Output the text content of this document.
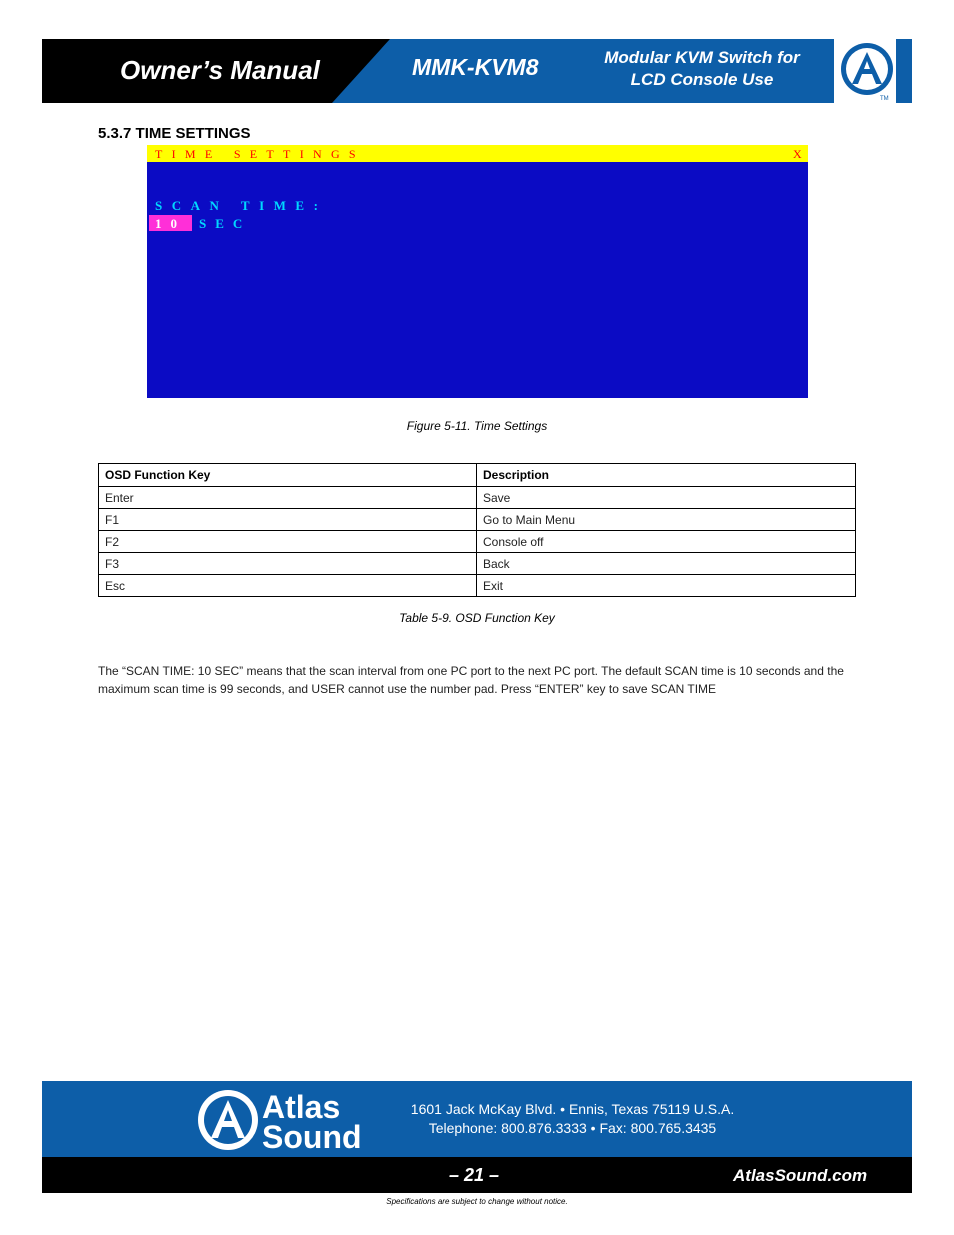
Owner’s Manual	MMK-KVM8	Modular KVM Switch for
LCD Console Use
TM
5.3.7 TIME SETTINGS
TIME SETTINGS	X
SCAN TIME:
10 SEC
Figure 5-11. Time Settings
OSD Function Key	Description
Enter	Save
F1	Go to Main Menu
F2	Console off
F3	Back
Esc	Exit
Table 5-9. OSD Function Key
The “SCAN TIME: 10 SEC” means that the scan interval from one PC port to the next PC port. The default SCAN time is 10 seconds and the maximum scan time is 99 seconds, and USER cannot use the number pad. Press “ENTER” key to save SCAN TIME
Atlas
Sound
1601 Jack McKay Blvd. • Ennis, Texas 75119 U.S.A.
Telephone: 800.876.3333 • Fax: 800.765.3435
– 21 –	AtlasSound.com
Specifications are subject to change without notice.
